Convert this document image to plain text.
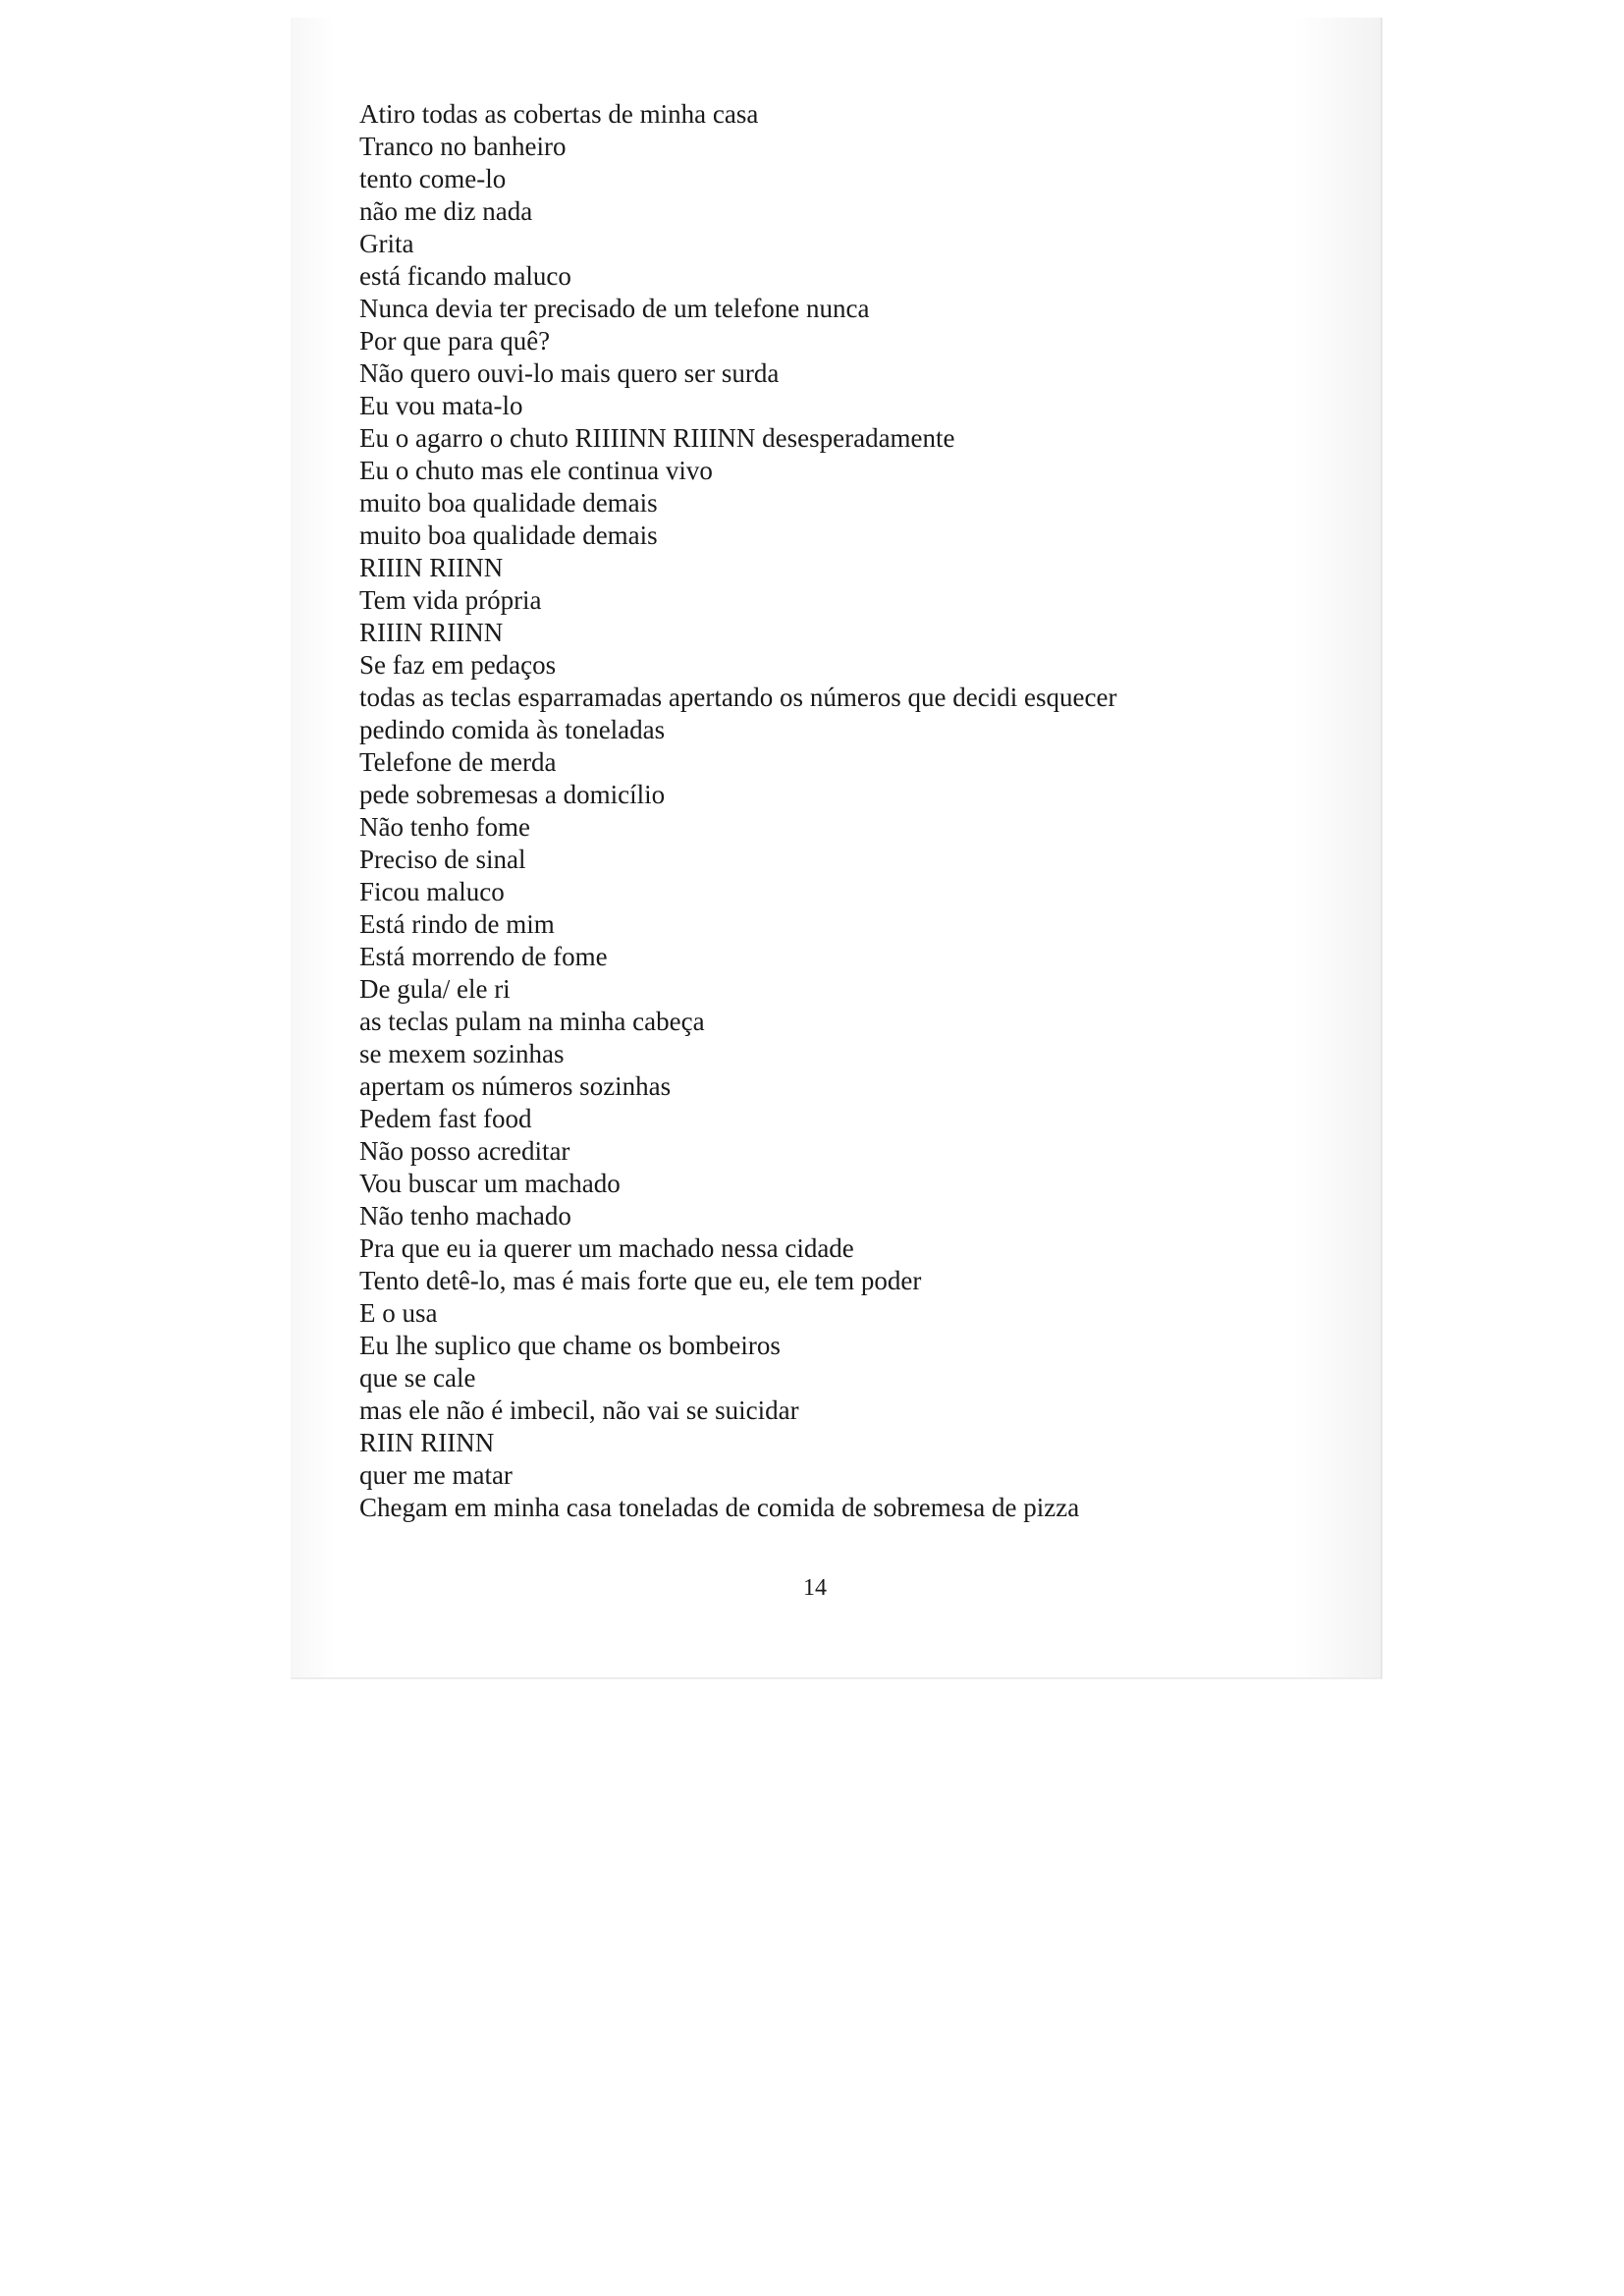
Atiro todas as cobertas de minha casa
Tranco no banheiro
tento come-lo
não me diz nada
Grita
está ficando maluco
Nunca devia ter precisado de um telefone nunca
Por que para quê?
Não quero ouvi-lo mais quero ser surda
Eu vou mata-lo
Eu o agarro o chuto RIIIINN RIIINN desesperadamente
Eu o chuto mas ele continua vivo
muito boa qualidade demais
muito boa qualidade demais
RIIIN RIINN
Tem vida própria
RIIIN RIINN
Se faz em pedaços
todas as teclas esparramadas apertando os números que decidi esquecer
pedindo comida às toneladas
Telefone de merda
pede sobremesas a domicílio
Não tenho fome
Preciso de sinal
Ficou maluco
Está rindo de mim
Está morrendo de fome
De gula/ ele ri
as teclas pulam na minha cabeça
se mexem sozinhas
apertam os números sozinhas
Pedem fast food
Não posso acreditar
Vou buscar um machado
Não tenho machado
Pra que eu ia querer um machado nessa cidade
Tento detê-lo, mas é mais forte que eu, ele tem poder
E o usa
Eu lhe suplico que chame os bombeiros
que se cale
mas ele não é imbecil, não vai se suicidar
RIIN RIINN
quer me matar
Chegam em minha casa toneladas de comida de sobremesa de pizza
14
